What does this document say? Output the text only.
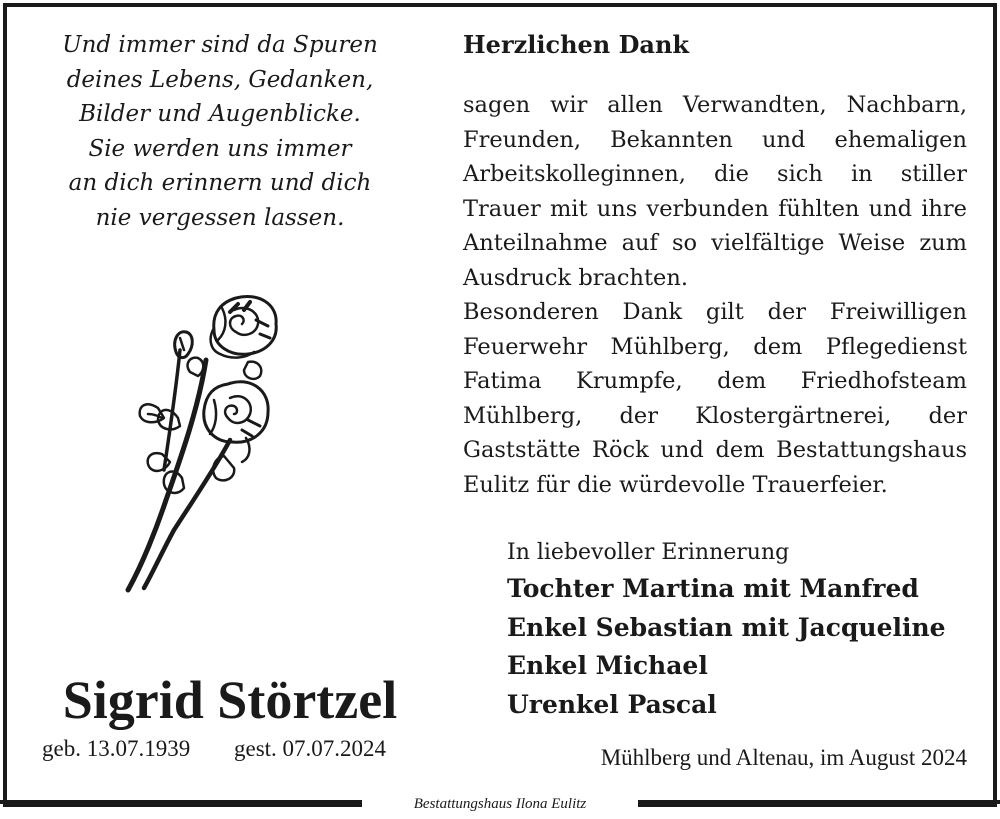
Und immer sind da Spuren
deines Lebens, Gedanken,
Bilder und Augenblicke.
Sie werden uns immer
an dich erinnern und dich
nie vergessen lassen.
Sigrid Störtzel
geb. 13.07.1939 gest. 07.07.2024
Herzlichen Dank

sagen wir allen Verwandten, Nachbarn, Freunden, Bekannten und ehemaligen Arbeitskolleginnen, die sich in stiller Trauer mit uns verbunden fühlten und ihre Anteilnahme auf so vielfältige Weise zum Ausdruck brachten.

Besonderen Dank gilt der Freiwilligen Feuerwehr Mühlberg, dem Pflegedienst Fatima Krumpfe, dem Friedhofsteam Mühlberg, der Klostergärtnerei, der Gaststätte Röck und dem Bestattungshaus Eulitz für die würdevolle Trauerfeier.

In liebevoller Erinnerung
Tochter Martina mit Manfred
Enkel Sebastian mit Jacqueline
Enkel Michael
Urenkel Pascal
Mühlberg und Altenau, im August 2024
Bestattungshaus Ilona Eulitz
